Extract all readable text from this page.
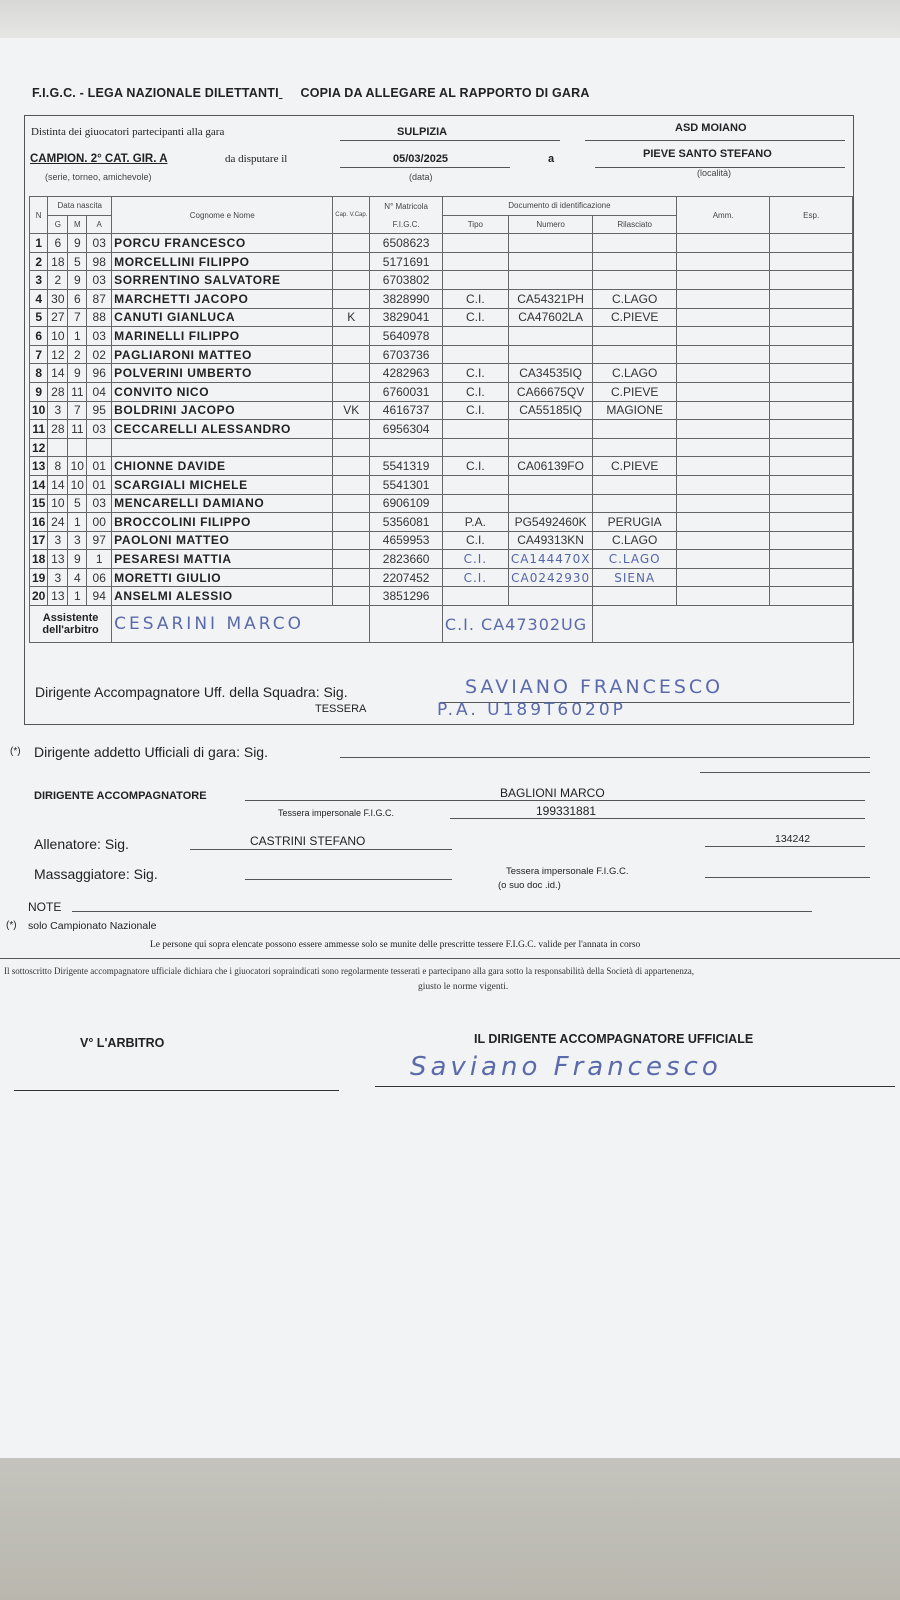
F.I.G.C. - LEGA NAZIONALE DILETTANTI COPIA DA ALLEGARE AL RAPPORTO DI GARA
Distinta dei giuocatori partecipanti alla gara	SULPIZIA	ASD MOIANO
CAMPION. 2° CAT. GIR. A	da disputare il	05/03/2025	a	PIEVE SANTO STEFANO
(serie, torneo, amichevole)	(data)	(località)
N	Data nascita			Cognome e Nome	Cap. V.Cap.	N° Matricola	Documento di identificazione			Amm.	Esp.
	G	M	A			F.I.G.C.	Tipo	Numero	Rilasciato		
1	6	9	03	PORCU FRANCESCO		6508623					
2	18	5	98	MORCELLINI FILIPPO		5171691					
3	2	9	03	SORRENTINO SALVATORE		6703802					
4	30	6	87	MARCHETTI JACOPO		3828990	C.I.	CA54321PH	C.LAGO		
5	27	7	88	CANUTI GIANLUCA	K	3829041	C.I.	CA47602LA	C.PIEVE		
6	10	1	03	MARINELLI FILIPPO		5640978					
7	12	2	02	PAGLIARONI MATTEO		6703736					
8	14	9	96	POLVERINI UMBERTO		4282963	C.I.	CA34535IQ	C.LAGO		
9	28	11	04	CONVITO NICO		6760031	C.I.	CA66675QV	C.PIEVE		
10	3	7	95	BOLDRINI JACOPO	VK	4616737	C.I.	CA55185IQ	MAGIONE		
11	28	11	03	CECCARELLI ALESSANDRO		6956304					
12											
13	8	10	01	CHIONNE DAVIDE		5541319	C.I.	CA06139FO	C.PIEVE		
14	14	10	01	SCARGIALI MICHELE		5541301					
15	10	5	03	MENCARELLI DAMIANO		6906109					
16	24	1	00	BROCCOLINI FILIPPO		5356081	P.A.	PG5492460K	PERUGIA		
17	3	3	97	PAOLONI MATTEO		4659953	C.I.	CA49313KN	C.LAGO		
18	13	9	1	PESARESI MATTIA		2823660	C.I.	CA144470X	C.LAGO		
19	3	4	06	MORETTI GIULIO		2207452	C.I.	CA0242930	SIENA		
20	13	1	94	ANSELMI ALESSIO		3851296					
Assistente dell'arbitro				CESARINI MARCO			C.I. CA47302UG				
Dirigente Accompagnatore Uff. della Squadra: Sig.	SAVIANO FRANCESCO
TESSERA	P.A. U189T6020P
(*) Dirigente addetto Ufficiali di gara: Sig.
DIRIGENTE ACCOMPAGNATORE	BAGLIONI MARCO
Tessera impersonale F.I.G.C.	199331881
Allenatore: Sig.	CASTRINI STEFANO	134242
Massaggiatore: Sig.	Tessera impersonale F.I.G.C.
(o suo doc .id.)
NOTE
(*) solo Campionato Nazionale
Le persone qui sopra elencate possono essere ammesse solo se munite delle prescritte tessere F.I.G.C. valide per l'annata in corso
Il sottoscritto Dirigente accompagnatore ufficiale dichiara che i giuocatori sopraindicati sono regolarmente tesserati e partecipano alla gara sotto la responsabilità della Società di appartenenza,
giusto le norme vigenti.
V° L'ARBITRO	IL DIRIGENTE ACCOMPAGNATORE UFFICIALE
Saviano Francesco
